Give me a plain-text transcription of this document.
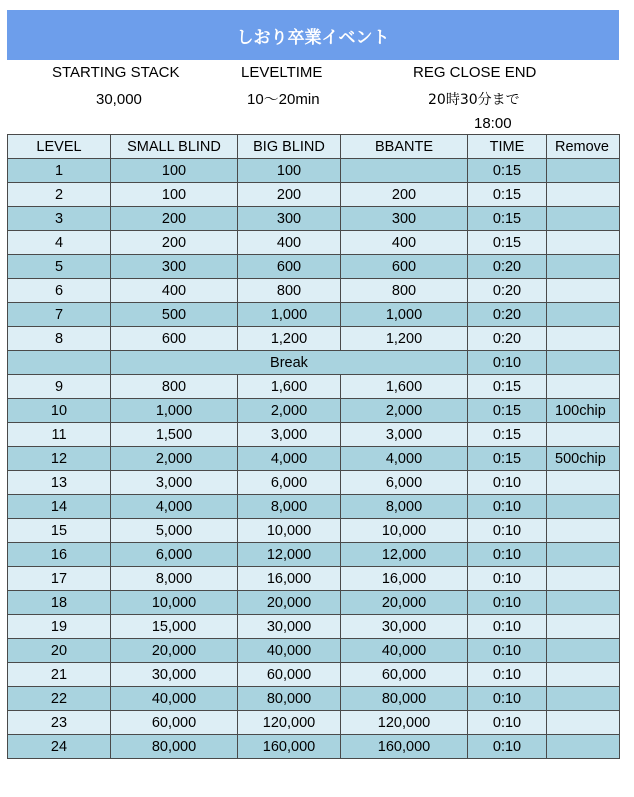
しおり卒業イベント
STARTING STACK
30,000
LEVELTIME
10～20min
REG CLOSE END
20時30分まで
18:00
LEVEL	SMALL BLIND	BIG BLIND	BBANTE	TIME	Remove
1	100	100		0:15	
2	100	200	200	0:15	
3	200	300	300	0:15	
4	200	400	400	0:15	
5	300	600	600	0:20	
6	400	800	800	0:20	
7	500	1,000	1,000	0:20	
8	600	1,200	1,200	0:20	
	Break			0:10	
9	800	1,600	1,600	0:15	
10	1,000	2,000	2,000	0:15	100chip
11	1,500	3,000	3,000	0:15	
12	2,000	4,000	4,000	0:15	500chip
13	3,000	6,000	6,000	0:10	
14	4,000	8,000	8,000	0:10	
15	5,000	10,000	10,000	0:10	
16	6,000	12,000	12,000	0:10	
17	8,000	16,000	16,000	0:10	
18	10,000	20,000	20,000	0:10	
19	15,000	30,000	30,000	0:10	
20	20,000	40,000	40,000	0:10	
21	30,000	60,000	60,000	0:10	
22	40,000	80,000	80,000	0:10	
23	60,000	120,000	120,000	0:10	
24	80,000	160,000	160,000	0:10	
